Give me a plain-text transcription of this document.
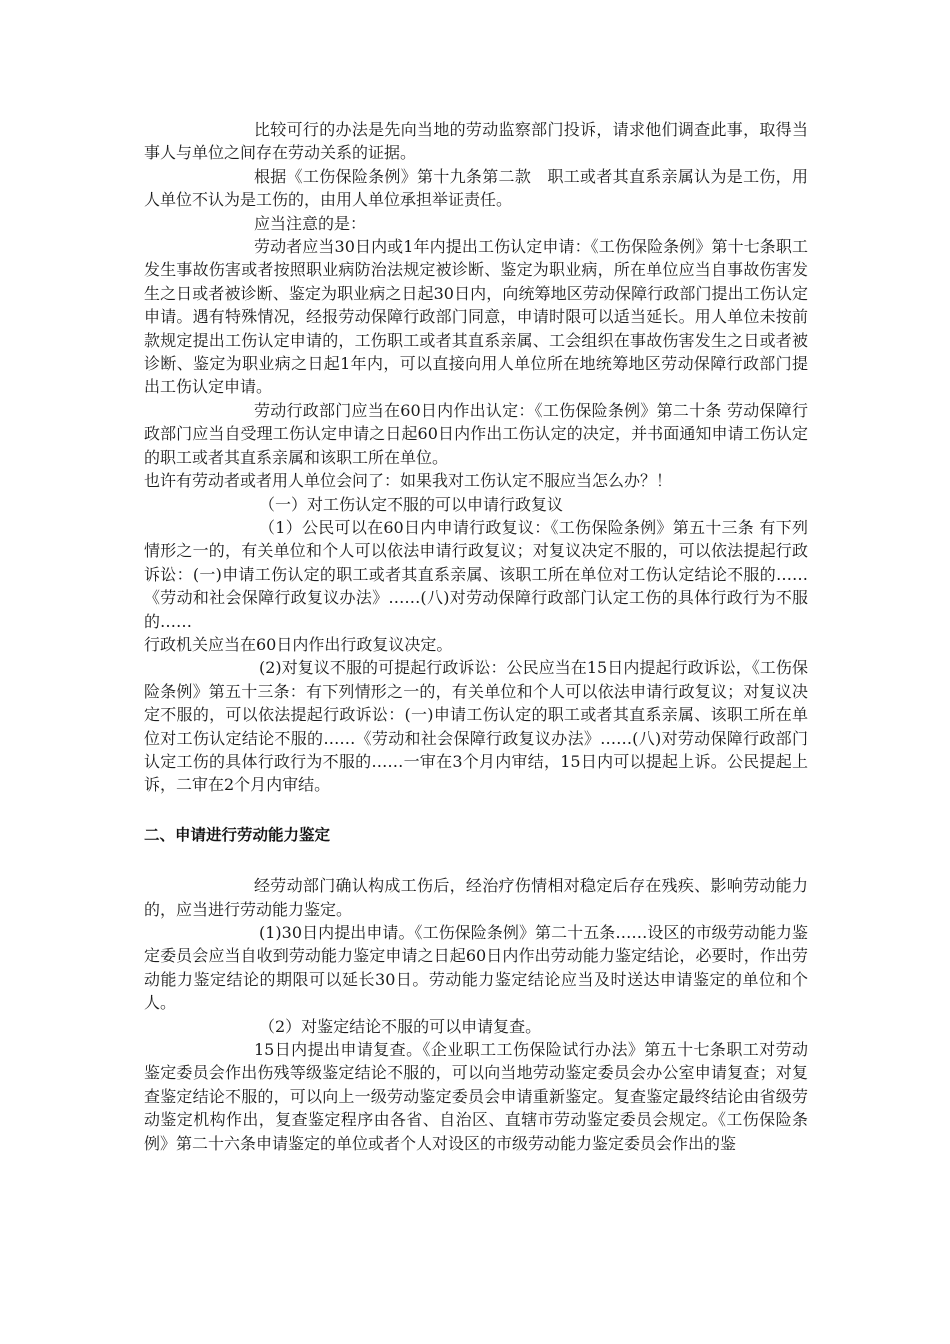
比较可行的办法是先向当地的劳动监察部门投诉，请求他们调查此事，取得当事人与单位之间存在劳动关系的证据。

根据《工伤保险条例》第十九条第二款　职工或者其直系亲属认为是工伤，用人单位不认为是工伤的，由用人单位承担举证责任。

应当注意的是：

劳动者应当30日内或1年内提出工伤认定申请：《工伤保险条例》第十七条职工发生事故伤害或者按照职业病防治法规定被诊断、鉴定为职业病，所在单位应当自事故伤害发生之日或者被诊断、鉴定为职业病之日起30日内，向统筹地区劳动保障行政部门提出工伤认定申请。遇有特殊情况，经报劳动保障行政部门同意，申请时限可以适当延长。用人单位未按前款规定提出工伤认定申请的，工伤职工或者其直系亲属、工会组织在事故伤害发生之日或者被诊断、鉴定为职业病之日起1年内，可以直接向用人单位所在地统筹地区劳动保障行政部门提出工伤认定申请。

劳动行政部门应当在60日内作出认定：《工伤保险条例》第二十条 劳动保障行政部门应当自受理工伤认定申请之日起60日内作出工伤认定的决定，并书面通知申请工伤认定的职工或者其直系亲属和该职工所在单位。

也许有劳动者或者用人单位会问了：如果我对工伤认定不服应当怎么办？！

（一）对工伤认定不服的可以申请行政复议

（1）公民可以在60日内申请行政复议：《工伤保险条例》第五十三条 有下列情形之一的，有关单位和个人可以依法申请行政复议；对复议决定不服的，可以依法提起行政诉讼：(一)申请工伤认定的职工或者其直系亲属、该职工所在单位对工伤认定结论不服的……《劳动和社会保障行政复议办法》……(八)对劳动保障行政部门认定工伤的具体行政行为不服的……

行政机关应当在60日内作出行政复议决定。

(2)对复议不服的可提起行政诉讼：公民应当在15日内提起行政诉讼，《工伤保险条例》第五十三条：有下列情形之一的，有关单位和个人可以依法申请行政复议；对复议决定不服的，可以依法提起行政诉讼：(一)申请工伤认定的职工或者其直系亲属、该职工所在单位对工伤认定结论不服的……《劳动和社会保障行政复议办法》……(八)对劳动保障行政部门认定工伤的具体行政行为不服的……一审在3个月内审结，15日内可以提起上诉。公民提起上诉，二审在2个月内审结。

二、申请进行劳动能力鉴定

经劳动部门确认构成工伤后，经治疗伤情相对稳定后存在残疾、影响劳动能力的，应当进行劳动能力鉴定。

(1)30日内提出申请。《工伤保险条例》第二十五条……设区的市级劳动能力鉴定委员会应当自收到劳动能力鉴定申请之日起60日内作出劳动能力鉴定结论，必要时，作出劳动能力鉴定结论的期限可以延长30日。劳动能力鉴定结论应当及时送达申请鉴定的单位和个人。

（2）对鉴定结论不服的可以申请复查。

15日内提出申请复查。《企业职工工伤保险试行办法》第五十七条职工对劳动鉴定委员会作出伤残等级鉴定结论不服的，可以向当地劳动鉴定委员会办公室申请复查；对复查鉴定结论不服的，可以向上一级劳动鉴定委员会申请重新鉴定。复查鉴定最终结论由省级劳动鉴定机构作出，复查鉴定程序由各省、自治区、直辖市劳动鉴定委员会规定。《工伤保险条例》第二十六条申请鉴定的单位或者个人对设区的市级劳动能力鉴定委员会作出的鉴
